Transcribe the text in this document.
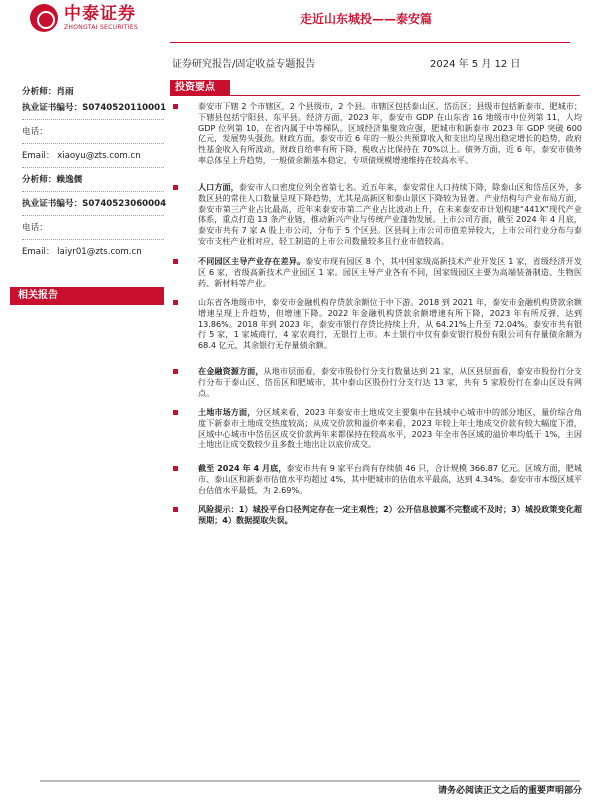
中泰证券
ZHONGTAI SECURITIES
走近山东城投——泰安篇
证券研究报告/固定收益专题报告	2024 年 5 月 12 日
分析师：肖雨
执业证书编号：S0740520110001
电话：
Email： xiaoyu@zts.com.cn
分析师：赖逸儒
执业证书编号：S0740523060004
电话：
Email： laiyr01@zts.com.cn
相关报告
投资要点
泰安市下辖 2 个市辖区，2 个县级市，2 个县。市辖区包括泰山区、岱岳区；县级市包括新泰市、肥城市；下辖县包括宁阳县、东平县。经济方面，2023 年，泰安市 GDP 在山东省 16 地级市中位列第 11，人均 GDP 位列第 10，在省内属于中等梯队。区域经济集聚效应强，肥城市和新泰市 2023 年 GDP 突破 600 亿元，发展势头强劲。财政方面，泰安市近 6 年的一般公共预算收入和支出均呈现出稳定增长的趋势，政府性基金收入有所波动，财政自给率有所下降，税收占比保持在 70%以上。债务方面，近 6 年，泰安市债务率总体呈上升趋势，一般债余额基本稳定，专项债规模增速维持在较高水平。
人口方面，泰安市人口密度位列全省第七名。近五年来，泰安常住人口持续下降，除泰山区和岱岳区外，多数区县的常住人口数量呈现下降趋势，尤其是高新区和泰山景区下降较为显著。产业结构与产业布局方面，泰安市第三产业占比最高，近年来泰安市第二产业占比波动上升，在未来泰安市计划构建“441X”现代产业体系，重点打造 13 条产业链，推动新兴产业与传统产业蓬勃发展。上市公司方面，截至 2024 年 4 月底，泰安市共有 7 家 A 股上市公司，分布于 5 个区县。区县间上市公司市值差异较大，上市公司行业分布与泰安市支柱产业相对应，轻工制造的上市公司数量较多且行业市值较高。
不同园区主导产业存在差异。泰安市现有园区 8 个，其中国家级高新技术产业开发区 1 家，省级经济开发区 6 家，省级高新技术产业园区 1 家。园区主导产业各有不同，国家级园区主要为高端装备制造、生物医药、新材料等产业。
山东省各地级市中，泰安市金融机构存贷款余额位于中下游。2018 到 2021 年，泰安市金融机构贷款余额增速呈现上升趋势，但增速下降。2022 年金融机构贷款余额增速有所下降，2023 年有所反弹，达到 13.86%。2018 年到 2023 年，泰安市银行存贷比持续上升，从 64.21%上升至 72.04%。泰安市共有银行 5 家，1 家城商行，4 家农商行，无银行上市。本土银行中仅有泰安银行股份有限公司有存量债余额为 68.4 亿元，其余银行无存量债余额。
在金融资源方面，从地市层面看，泰安市股份行分支行数量达到 21 家，从区县层面看，泰安市股份行分支行分布于泰山区、岱岳区和肥城市，其中泰山区股份行分支行达 13 家，共有 5 家股份行在泰山区设有网点。
土地市场方面，分区域来看，2023 年泰安市土地成交主要集中在县域中心城市中的部分地区，量价综合角度下新泰市土地成交热度较高；从成交价款和溢价率来看，2023 年较上年土地成交价款有较大幅度下滑，区域中心城市中岱岳区成交价款两年来都保持在较高水平，2023 年全市各区域的溢价率均低于 1%，主因土地出让成交数较少且多数土地出让以底价成交。
截至 2024 年 4 月底，泰安市共有 9 家平台尚有存续债 46 只，合计规模 366.87 亿元。区域方面，肥城市、泰山区和新泰市估值水平均超过 4%，其中肥城市的估值水平最高，达到 4.34%。泰安市市本级区域平台估值水平最低，为 2.69%。
风险提示：1）城投平台口径判定存在一定主观性；2）公开信息披露不完整或不及时；3）城投政策变化超预期；4）数据提取失误。
请务必阅读正文之后的重要声明部分
